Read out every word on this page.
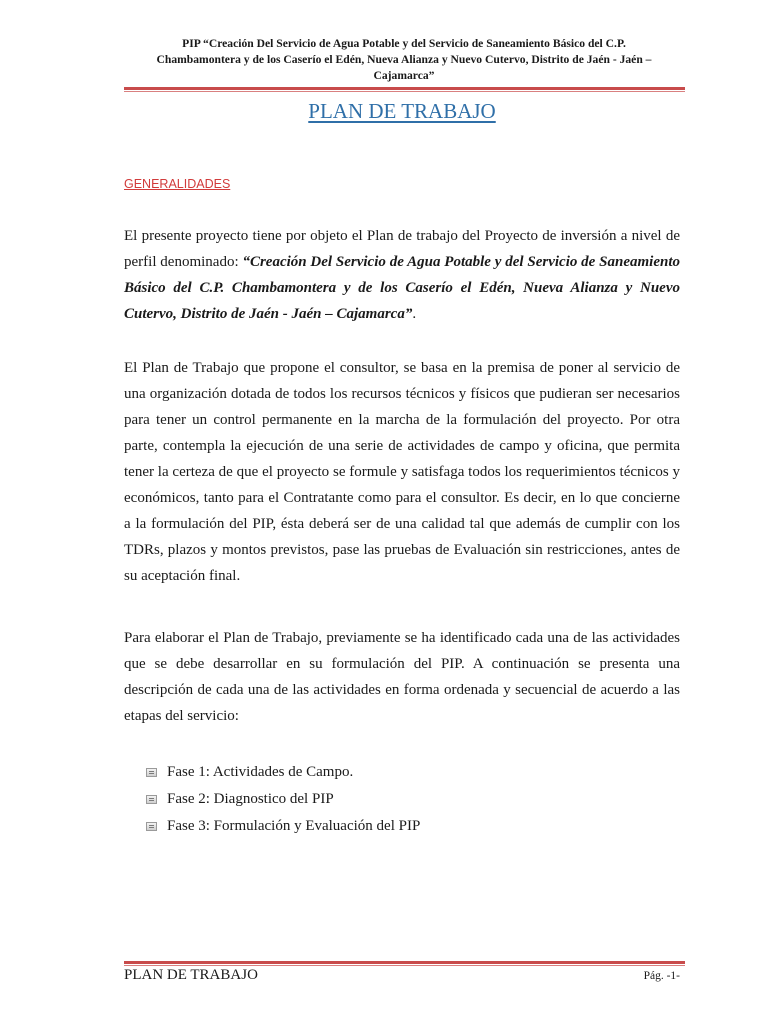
PIP “Creación Del Servicio de Agua Potable y del Servicio de Saneamiento Básico del C.P.
Chambamontera y de los Caserío el Edén, Nueva Alianza y Nuevo Cutervo, Distrito de Jaén - Jaén –
Cajamarca”
PLAN DE TRABAJO
GENERALIDADES

El presente proyecto tiene por objeto el Plan de trabajo del Proyecto de inversión a nivel de perfil denominado: “Creación Del Servicio de Agua Potable y del Servicio de Saneamiento Básico del C.P. Chambamontera y de los Caserío el Edén, Nueva Alianza y Nuevo Cutervo, Distrito de Jaén - Jaén – Cajamarca”.

El Plan de Trabajo que propone el consultor, se basa en la premisa de poner al servicio de una organización dotada de todos los recursos técnicos y físicos que pudieran ser necesarios para tener un control permanente en la marcha de la formulación del proyecto. Por otra parte, contempla la ejecución de una serie de actividades de campo y oficina, que permita tener la certeza de que el proyecto se formule y satisfaga todos los requerimientos técnicos y económicos, tanto para el Contratante como para el consultor. Es decir, en lo que concierne a la formulación del PIP, ésta deberá ser de una calidad tal que además de cumplir con los TDRs, plazos y montos previstos, pase las pruebas de Evaluación sin restricciones, antes de su aceptación final.

Para elaborar el Plan de Trabajo, previamente se ha identificado cada una de las actividades que se debe desarrollar en su formulación del PIP. A continuación se presenta una descripción de cada una de las actividades en forma ordenada y secuencial de acuerdo a las etapas del servicio:

Fase 1: Actividades de Campo.
Fase 2: Diagnostico del PIP
Fase 3: Formulación y Evaluación del PIP
PLAN DE TRABAJO	Pág. -1-
